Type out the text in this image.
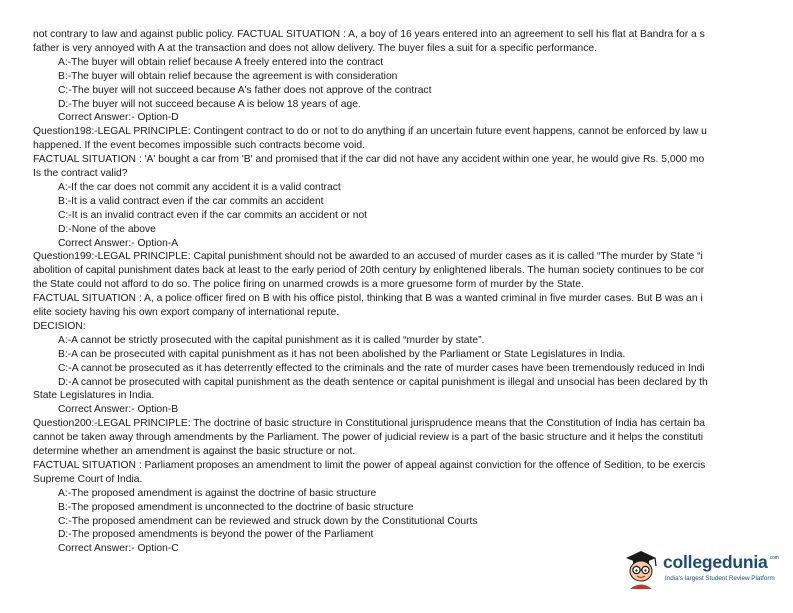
not contrary to law and against public policy. FACTUAL SITUATION : A, a boy of 16 years entered into an agreement to sell his flat at Bandra for a s
father is very annoyed with A at the transaction and does not allow delivery. The buyer files a suit for a specific performance.
A:-The buyer will obtain relief because A freely entered into the contract
B:-The buyer will obtain relief because the agreement is with consideration
C:-The buyer will not succeed because A's father does not approve of the contract
D:-The buyer will not succeed because A is below 18 years of age.
Correct Answer:- Option-D
Question198:-LEGAL PRINCIPLE: Contingent contract to do or not to do anything if an uncertain future event happens, cannot be enforced by law u
happened. If the event becomes impossible such contracts become void.
FACTUAL SITUATION : 'A' bought a car from 'B' and promised that if the car did not have any accident within one year, he would give Rs. 5,000 mo
Is the contract valid?
A:-If the car does not commit any accident it is a valid contract
B:-It is a valid contract even if the car commits an accident
C:-It is an invalid contract even if the car commits an accident or not
D:-None of the above
Correct Answer:- Option-A
Question199:-LEGAL PRINCIPLE: Capital punishment should not be awarded to an accused of murder cases as it is called “The murder by State “i
abolition of capital punishment dates back at least to the early period of 20th century by enlightened liberals. The human society continues to be cor
the State could not afford to do so. The police firing on unarmed crowds is a more gruesome form of murder by the State.
FACTUAL SITUATION : A, a police officer fired on B with his office pistol, thinking that B was a wanted criminal in five murder cases. But B was an i
elite society having his own export company of international repute.
DECISION:
A:-A cannot be strictly prosecuted with the capital punishment as it is called “murder by state”.
B:-A can be prosecuted with capital punishment as it has not been abolished by the Parliament or State Legislatures in India.
C:-A cannot be prosecuted as it has deterrently effected to the criminals and the rate of murder cases have been tremendously reduced in Indi
D:-A cannot be prosecuted with capital punishment as the death sentence or capital punishment is illegal and unsocial has been declared by th
State Legislatures in India.
Correct Answer:- Option-B
Question200:-LEGAL PRINCIPLE: The doctrine of basic structure in Constitutional jurisprudence means that the Constitution of India has certain ba
cannot be taken away through amendments by the Parliament. The power of judicial review is a part of the basic structure and it helps the constituti
determine whether an amendment is against the basic structure or not.
FACTUAL SITUATION : Parliament proposes an amendment to limit the power of appeal against conviction for the offence of Sedition, to be exercis
Supreme Court of India.
A:-The proposed amendment is against the doctrine of basic structure
B:-The proposed amendment is unconnected to the doctrine of basic structure
C:-The proposed amendment can be reviewed and struck down by the Constitutional Courts
D:-The proposed amendments is beyond the power of the Parliament
Correct Answer:- Option-C
collegedunia$^{.com}$
India's largest Student Review Platform
